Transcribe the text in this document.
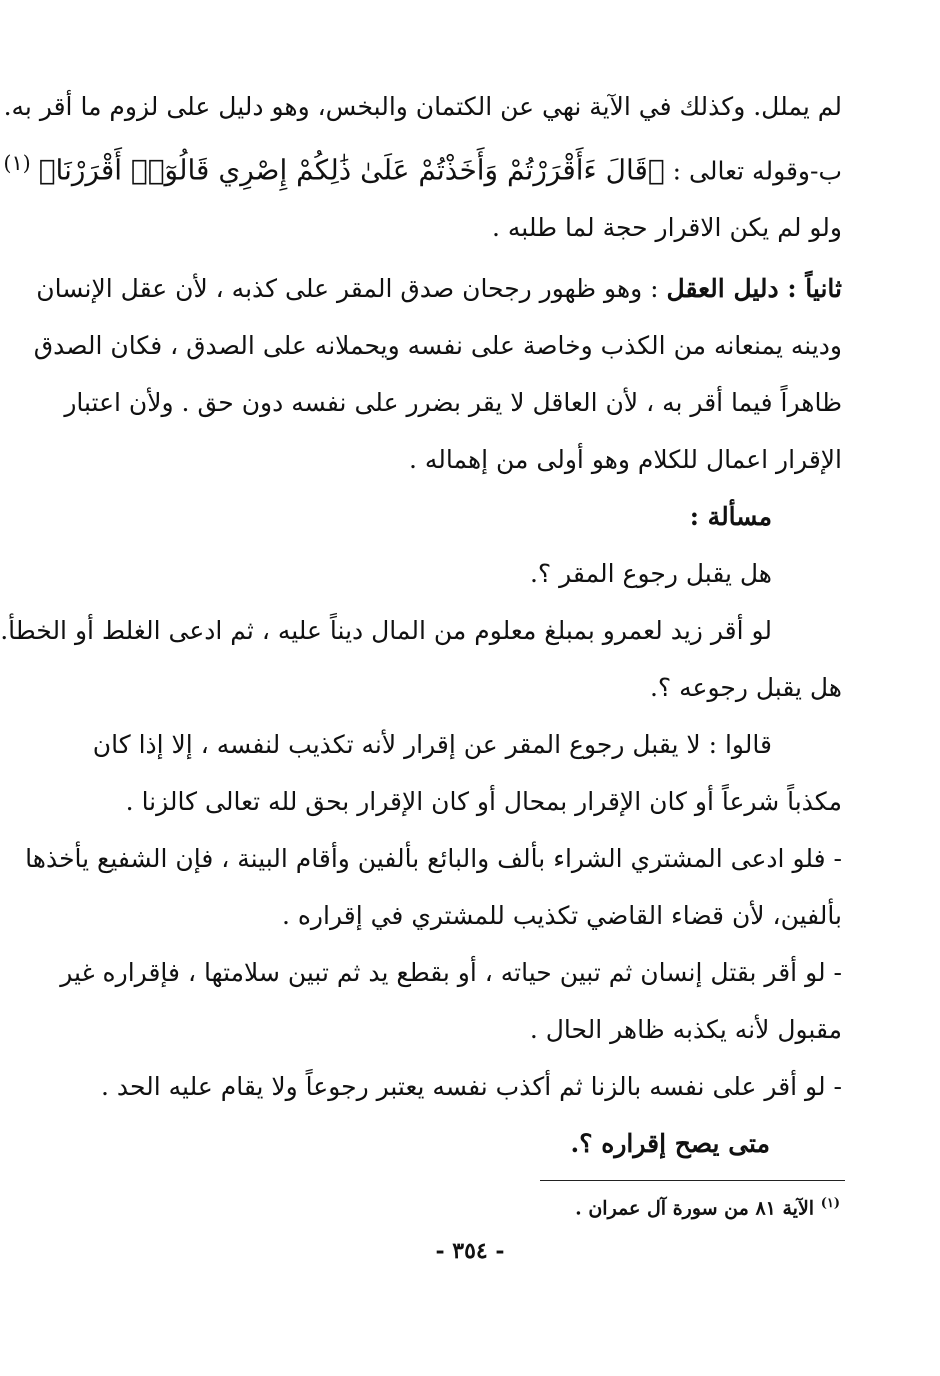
لم يملل. وكذلك في الآية نهي عن الكتمان والبخس، وهو دليل على لزوم ما أقر به.
ب-وقوله تعالى : ﴿قَالَ ءَأَقْرَرْتُمْ وَأَخَذْتُمْ عَلَىٰ ذَٰلِكُمْ إِصْرِي قَالُوٓا۟ أَقْرَرْنَا﴾ $^{(١)}$
ولو لم يكن الاقرار حجة لما طلبه .
ثانياً : دليل العقل : وهو ظهور رجحان صدق المقر على كذبه ، لأن عقل الإنسان
ودينه يمنعانه من الكذب وخاصة على نفسه ويحملانه على الصدق ، فكان الصدق
ظاهراً فيما أقر به ، لأن العاقل لا يقر بضرر على نفسه دون حق . ولأن اعتبار
الإقرار اعمال للكلام وهو أولى من إهماله .
مسألة :
هل يقبل رجوع المقر ؟.
لو أقر زيد لعمرو بمبلغ معلوم من المال ديناً عليه ، ثم ادعى الغلط أو الخطأ.
هل يقبل رجوعه ؟.
قالوا : لا يقبل رجوع المقر عن إقرار لأنه تكذيب لنفسه ، إلا إذا كان
مكذباً شرعاً أو كان الإقرار بمحال أو كان الإقرار بحق لله تعالى كالزنا .
- فلو ادعى المشتري الشراء بألف والبائع بألفين وأقام البينة ، فإن الشفيع يأخذها
بألفين، لأن قضاء القاضي تكذيب للمشتري في إقراره .
- لو أقر بقتل إنسان ثم تبين حياته ، أو بقطع يد ثم تبين سلامتها ، فإقراره غير
مقبول لأنه يكذبه ظاهر الحال .
- لو أقر على نفسه بالزنا ثم أكذب نفسه يعتبر رجوعاً ولا يقام عليه الحد .
متى يصح إقراره ؟.
$^{(١)}$ الآية ٨١ من سورة آل عمران .
- ٣٥٤ -
